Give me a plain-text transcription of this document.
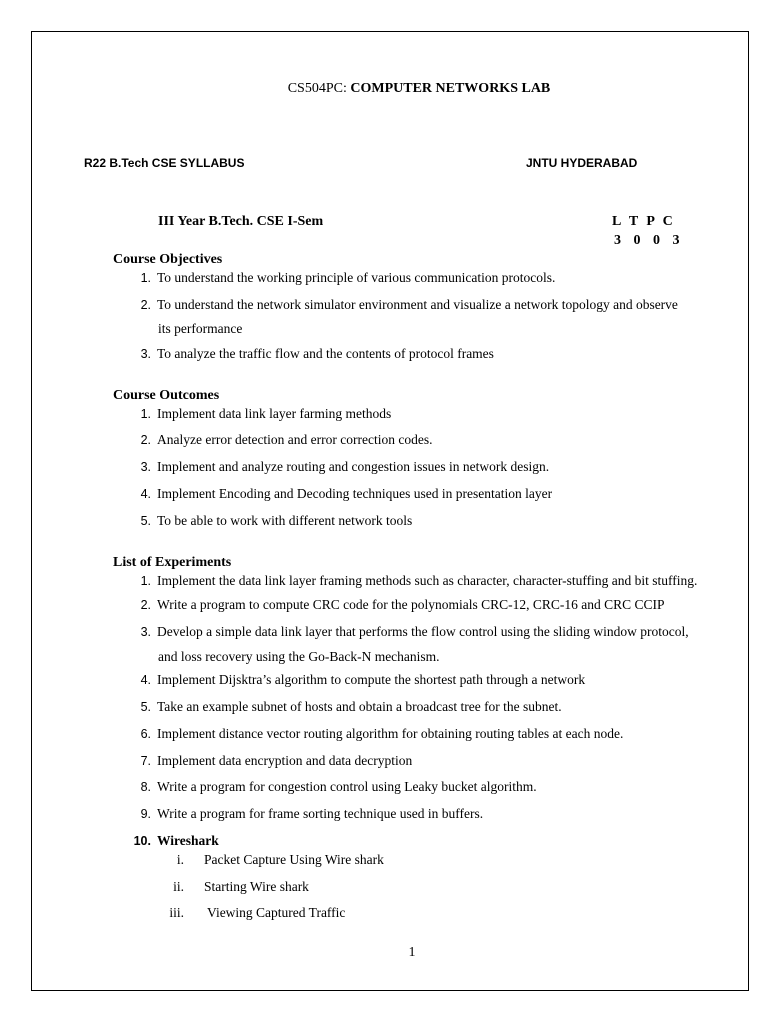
CS504PC: COMPUTER NETWORKS LAB
R22 B.Tech CSE SYLLABUS	JNTU HYDERABAD
III Year B.Tech. CSE I-Sem	L T P C
3 0 0 3
Course Objectives
1. To understand the working principle of various communication protocols.
2. To understand the network simulator environment and visualize a network topology and observe
its performance
3. To analyze the traffic flow and the contents of protocol frames
Course Outcomes
1. Implement data link layer farming methods
2. Analyze error detection and error correction codes.
3. Implement and analyze routing and congestion issues in network design.
4. Implement Encoding and Decoding techniques used in presentation layer
5. To be able to work with different network tools
List of Experiments
1. Implement the data link layer framing methods such as character, character-stuffing and bit stuffing.
2. Write a program to compute CRC code for the polynomials CRC-12, CRC-16 and CRC CCIP
3. Develop a simple data link layer that performs the flow control using the sliding window protocol,
and loss recovery using the Go-Back-N mechanism.
4. Implement Dijsktra’s algorithm to compute the shortest path through a network
5. Take an example subnet of hosts and obtain a broadcast tree for the subnet.
6. Implement distance vector routing algorithm for obtaining routing tables at each node.
7. Implement data encryption and data decryption
8. Write a program for congestion control using Leaky bucket algorithm.
9. Write a program for frame sorting technique used in buffers.
10. Wireshark
i. Packet Capture Using Wire shark
ii. Starting Wire shark
iii. Viewing Captured Traffic
1
